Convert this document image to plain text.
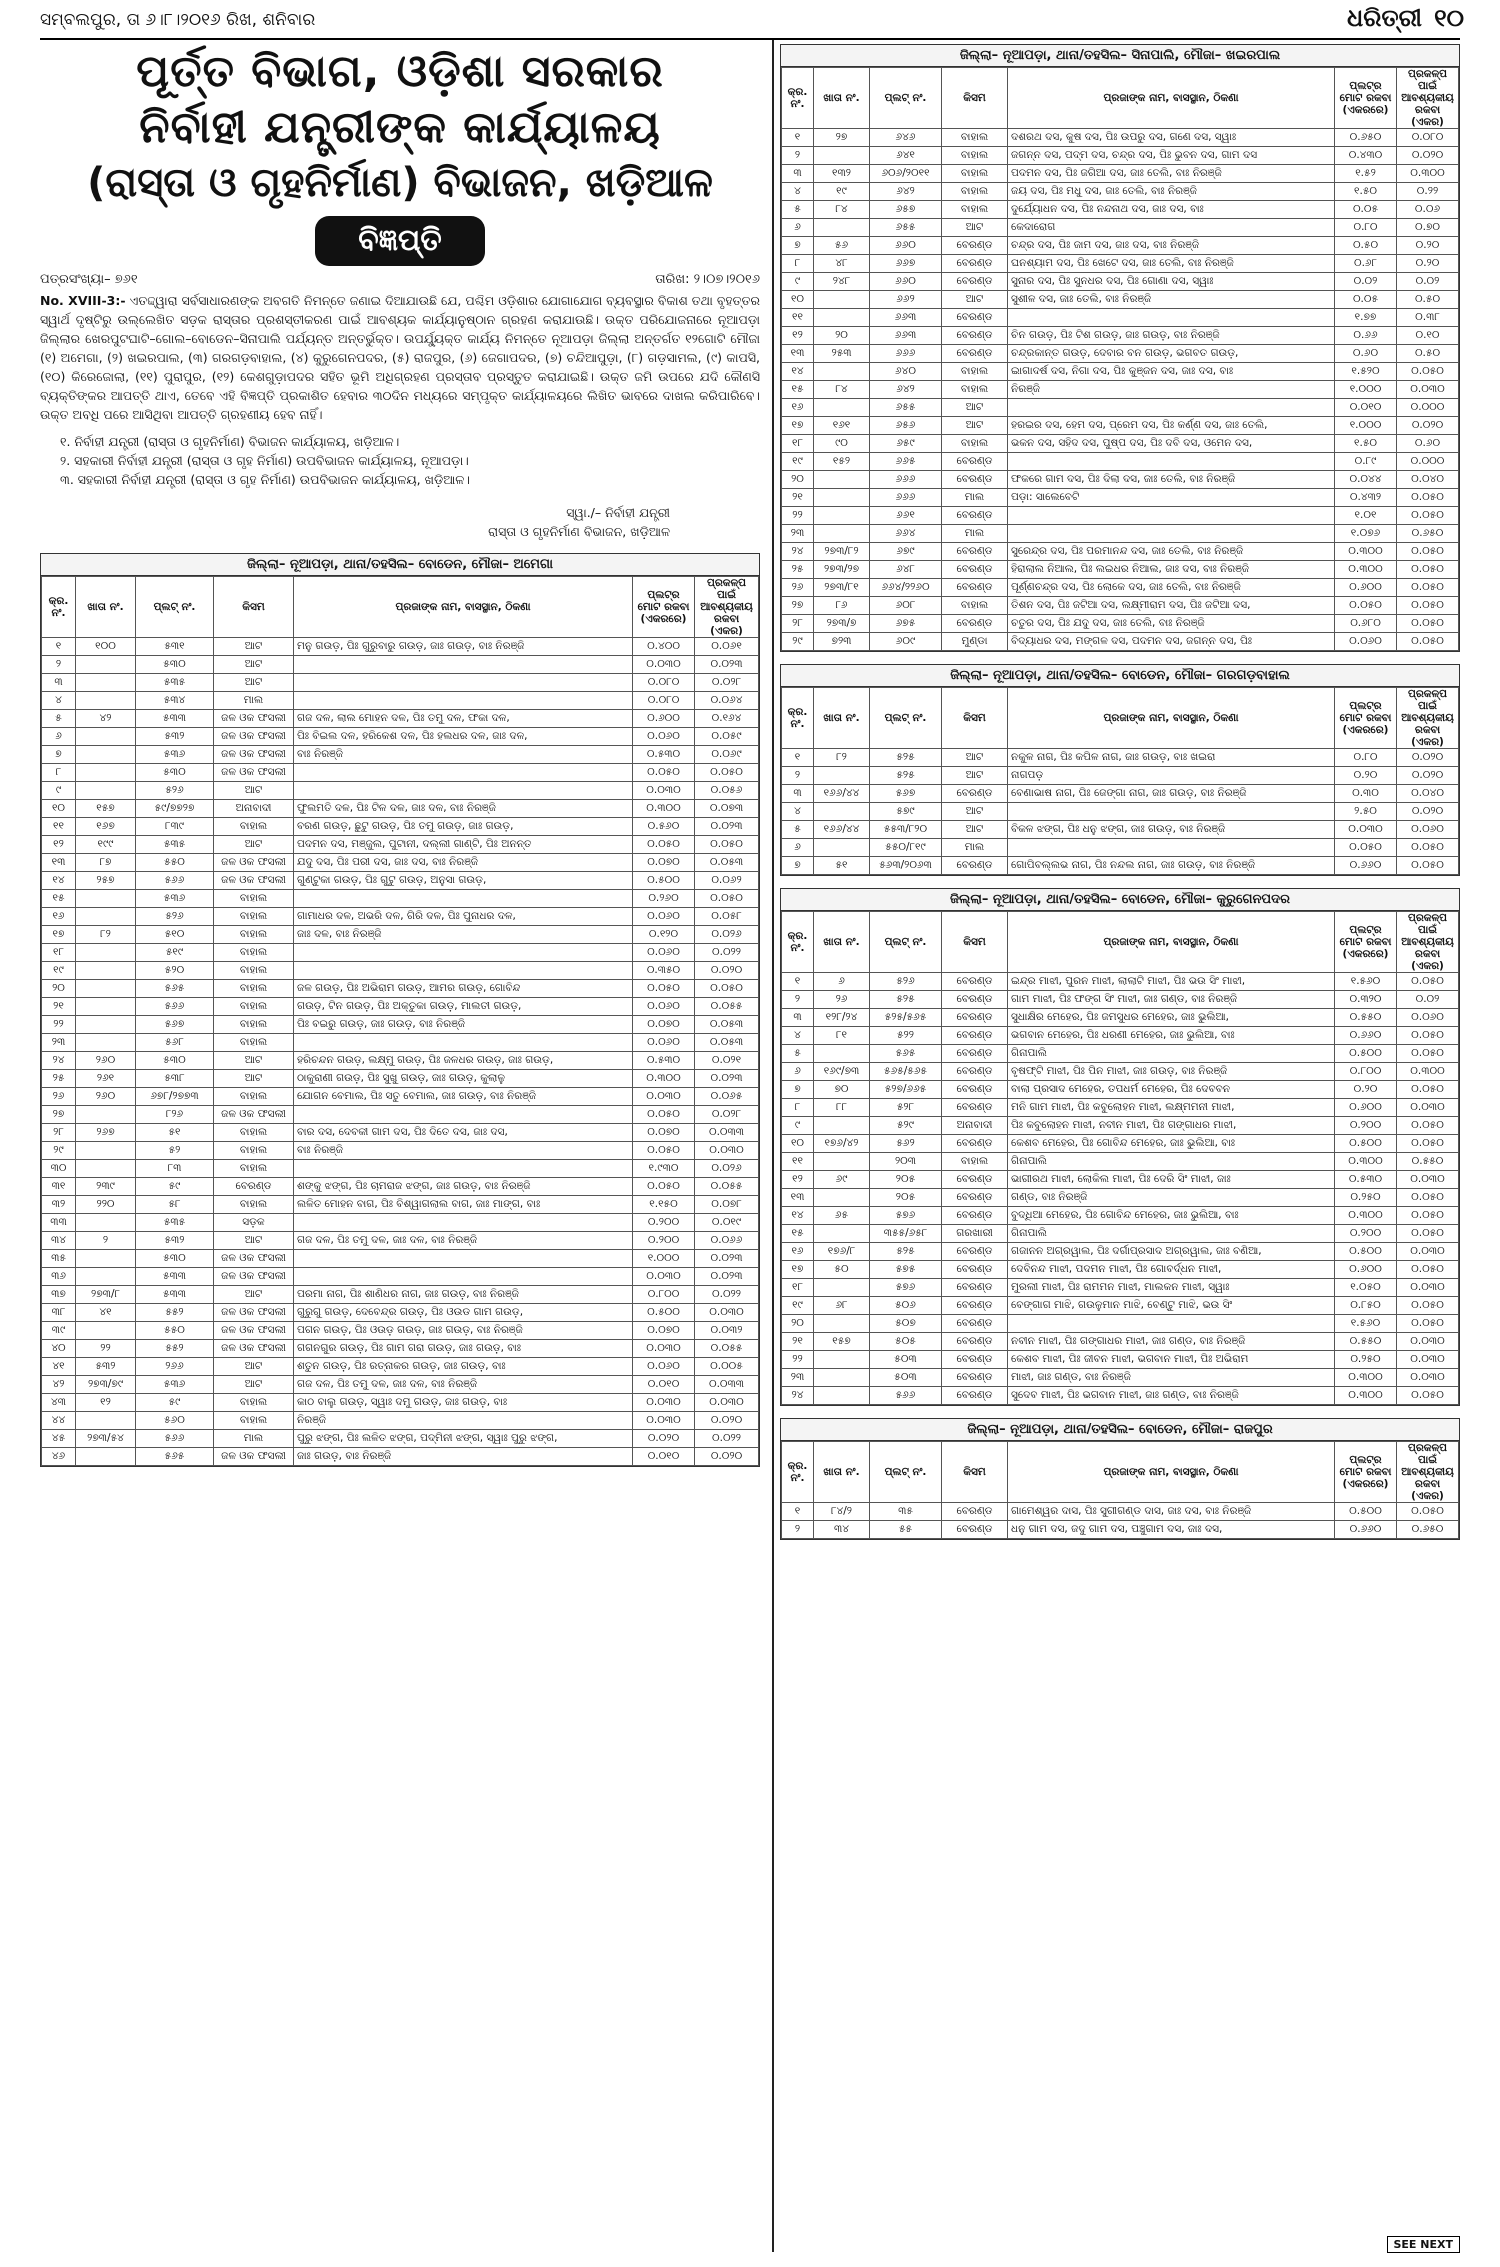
ସମ୍ବଲପୁର, ତା ୬।୮।୨୦୧୬ ରିଖ, ଶନିବାର	ଧରିତ୍ରୀ ୧୦
ପୂର୍ତ୍ତ ବିଭାଗ, ଓଡ଼ିଶା ସରକାର
ନିର୍ବାହୀ ଯନ୍ତ୍ରୀଙ୍କ କାର୍ଯ୍ୟାଳୟ
(ରାସ୍ତା ଓ ଗୃହନିର୍ମାଣ) ବିଭାଜନ, ଖଡ଼ିଆଳ
ବିଜ୍ଞପ୍ତି
ପତ୍ରସଂଖ୍ୟା– ୭୬୧	ତାରିଖ: ୨।୦୭।୨୦୧୬
No. XVIII-3:- ଏତଦ୍ଦ୍ୱାରା ସର୍ବସାଧାରଣଙ୍କ ଅବଗତି ନିମନ୍ତେ ଜଣାଇ ଦିଆଯାଉଛି ଯେ, ପଶ୍ଚିମ ଓଡ଼ିଶାର ଯୋଗାଯୋଗ ବ୍ୟବସ୍ଥାର ବିକାଶ ତଥା ବୃହତ୍ତର ସ୍ୱାର୍ଥ ଦୃଷ୍ଟିରୁ ଉଲ୍ଲେଖିତ ସଡ଼କ ରାସ୍ତାର ପ୍ରଶସ୍ତୀକରଣ ପାଇଁ ଆବଶ୍ୟକ କାର୍ଯ୍ୟାନୁଷ୍ଠାନ ଗ୍ରହଣ କରାଯାଉଛି। ଉକ୍ତ ପରିଯୋଜନାରେ ନୂଆପଡ଼ା ଜିଲ୍ଲାର ଖେରପୁଟଘାଟି–ଗୋଲ–ବୋଡେନ–ସିନାପାଲି ପର୍ଯ୍ୟନ୍ତ ଅନ୍ତର୍ଭୁକ୍ତ। ଉପର୍ଯ୍ୟୁକ୍ତ କାର୍ଯ୍ୟ ନିମନ୍ତେ ନୂଆପଡ଼ା ଜିଲ୍ଲା ଅନ୍ତର୍ଗତ ୧୨ଗୋଟି ମୌଜା (୧) ଅମେଗା, (୨) ଖଇରପାଲ, (୩) ଗରଗଡ଼ବାହାଲ, (୪) କୁରୁଗେନପଦର, (୫) ରାଜପୁର, (୬) ଜେଗାପଦର, (୭) ଚନ୍ଦିଆପୁଡ଼ା, (୮) ଗଡ଼ସାମଲ, (୯) କାପସି, (୧୦) କିରେଜୋଲା, (୧୧) ପୁରାପୁର, (୧୨) କେଶଗୁଡ଼ାପଦର ସହିତ ଭୂମି ଅଧିଗ୍ରହଣ ପ୍ରସ୍ତାବ ପ୍ରସ୍ତୁତ କରାଯାଇଛି। ଉକ୍ତ ଜମି ଉପରେ ଯଦି କୌଣସି ବ୍ୟକ୍ତିଙ୍କର ଆପତ୍ତି ଥାଏ, ତେବେ ଏହି ବିଜ୍ଞପ୍ତି ପ୍ରକାଶିତ ହେବାର ୩୦ଦିନ ମଧ୍ୟରେ ସମ୍ପୃକ୍ତ କାର୍ଯ୍ୟାଳୟରେ ଲିଖିତ ଭାବରେ ଦାଖଲ କରିପାରିବେ। ଉକ୍ତ ଅବଧି ପରେ ଆସିଥିବା ଆପତ୍ତି ଗ୍ରହଣୀୟ ହେବ ନାହିଁ।
୧. ନିର୍ବାହୀ ଯନ୍ତ୍ରୀ (ରାସ୍ତା ଓ ଗୃହନିର୍ମାଣ) ବିଭାଜନ କାର୍ଯ୍ୟାଳୟ, ଖଡ଼ିଆଳ।
୨. ସହକାରୀ ନିର୍ବାହୀ ଯନ୍ତ୍ରୀ (ରାସ୍ତା ଓ ଗୃହ ନିର୍ମାଣ) ଉପବିଭାଜନ କାର୍ଯ୍ୟାଳୟ, ନୂଆପଡ଼ା।
୩. ସହକାରୀ ନିର୍ବାହୀ ଯନ୍ତ୍ରୀ (ରାସ୍ତା ଓ ଗୃହ ନିର୍ମାଣ) ଉପବିଭାଜନ କାର୍ଯ୍ୟାଳୟ, ଖଡ଼ିଆଳ।
ସ୍ୱା./– ନିର୍ବାହୀ ଯନ୍ତ୍ରୀ
ରାସ୍ତା ଓ ଗୃହନିର୍ମାଣ ବିଭାଜନ, ଖଡ଼ିଆଳ
ଜିଲ୍ଲା– ନୂଆପଡ଼ା, ଥାନା/ତହସିଲ– ବୋଡେନ, ମୌଜା– ଅମେଗା
କ୍ର. ନଂ.	ଖାତା ନଂ.	ପ୍ଲଟ୍ ନଂ.	କିସମ	ପ୍ରଜାଙ୍କ ନାମ, ବାସସ୍ଥାନ, ଠିକଣା	ପ୍ଲଟ୍‌ର ମୋଟ ରକବା (ଏକରରେ)	ପ୍ରକଳ୍ପ ପାଇଁ ଆବଶ୍ୟକୀୟ ରକବା (ଏକର)
୧	୧୦୦	୫୩୧	ଆଟ	ମନୁ ଗଉଡ଼, ପିଃ ଗୁରୁବାରୁ ଗଉଡ଼, ଜାଃ ଗଉଡ଼, ବାଃ ନିରଞ୍ଜି	୦.୪୦୦	୦.୦୬୧
୨		୫୩୦	ଆଟ		୦.୦୩୦	୦.୦୨୩
୩		୫୩୫	ଆଟ		୦.୦୮୦	୦.୦୨୮
୪		୫୩୪	ମାଲ		୦.୦୮୦	୦.୦୬୪
୫	୪୨	୫୩୩	ଜଳ ଓକ ଫସଲୀ	ଗଜ ଦଳ, ଲାଲ ମୋହନ ଦଳ, ପିଃ ତମୁ ଦଳ, ଫକା ଦଳ,	୦.୬୦୦	୦.୧୬୪
୬		୫୩୨	ଜଳ ଓକ ଫସଲୀ	ପିଃ ବିଇଲ ଦଳ, ହରିକେଶ ଦଳ, ପିଃ ହଲଧର ଦଳ, ଜାଃ ଦଳ,	୦.୦୬୦	୦.୦୫୯
୭		୫୩୬	ଜଳ ଓକ ଫସଲୀ	ବାଃ ନିରଞ୍ଜି	୦.୫୩୦	୦.୦୬୯
୮		୫୩୦	ଜଳ ଓକ ଫସଲୀ		୦.୦୫୦	୦.୦୫୦
୯		୫୨୬	ଆଟ		୦.୦୩୦	୦.୦୫୬
୧୦	୧୫୭	୫୯/୭୭୨୭	ଅନାବାଦୀ	ଫୁଲମତି ଦଳ, ପିଃ ଟିଳ ଦଳ, ଜାଃ ଦଳ, ବାଃ ନିରଞ୍ଜି	୦.୩୦୦	୦.୦୭୩
୧୧	୧୬୭	୮୩୯	ବାହାଲ	ବରଣ ଗଉଡ଼, ଛୁଟୁ ଗଉଡ଼, ପିଃ ତମୁ ଗଉଡ଼, ଜାଃ ଗଉଡ଼,	୦.୫୬୦	୦.୦୨୩
୧୨	୧୯୯	୫୩୫	ଆଟ	ପଦମନ ଦସ, ମଞ୍ଜୁଲ, ପୁଟାନୀ, ଦଲ୍ଲୀ ଗାଣ୍ଟି, ପିଃ ଅନନ୍ତ	୦.୦୫୦	୦.୦୫୦
୧୩	୮୭	୫୫୦	ଜଳ ଓକ ଫସଲୀ	ଯଦୁ ଦସ, ପିଃ ପରୀ ଦସ, ଜାଃ ଦସ, ବାଃ ନିରଞ୍ଜି	୦.୦୭୦	୦.୦୫୩
୧୪	୨୫୭	୫୬୬	ଜଳ ଓକ ଫସଲୀ	ଗୁଣ୍ଟୁକା ଗଉଡ଼, ପିଃ ଗୁଟୁ ଗଉଡ଼, ଅନୁସା ଗଉଡ଼,	୦.୫୦୦	୦.୦୬୨
୧୫		୫୩୬	ବାହାଲ		୦.୨୬୦	୦.୦୫୦
୧୬		୫୨୬	ବାହାଲ	ଗାମାଧର ଦଳ, ଅଭରି ଦଳ, ଗିରି ଦଳ, ପିଃ ପୁନାଧର ଦଳ,	୦.୦୬୦	୦.୦୫୮
୧୭	୮୨	୫୧୦	ବାହାଲ	ଜାଃ ଦଳ, ବାଃ ନିରଞ୍ଜି	୦.୧୨୦	୦.୦୨୬
୧୮		୫୧୯	ବାହାଲ		୦.୦୬୦	୦.୦୨୨
୧୯		୫୨୦	ବାହାଲ		୦.୩୫୦	୦.୦୨୦
୨୦		୫୬୫	ବାହାଲ	ଜଳ ଗଉଡ଼, ପିଃ ଅଭିରାମ ଗଉଡ଼, ଆମର ଗଉଡ଼, ଗୋବିନ୍ଦ	୦.୦୫୦	୦.୦୫୦
୨୧		୫୬୬	ବାହାଲ	ଗଉଡ଼, ଟିନ ଗଉଡ଼, ପିଃ ଅକ୍ତୁକା ଗଉଡ଼, ମାଲତୀ ଗଉଡ଼,	୦.୦୬୦	୦.୦୫୫
୨୨		୫୬୭	ବାହାଲ	ପିଃ ବଇରୁ ଗଉଡ଼, ଜାଃ ଗଉଡ଼, ବାଃ ନିରଞ୍ଜି	୦.୦୭୦	୦.୦୫୩
୨୩		୫୬୮	ବାହାଲ		୦.୦୬୦	୦.୦୫୩
୨୪	୨୬୦	୫୩୦	ଆଟ	ହରିଚନ୍ଦନ ଗଉଡ଼, ଲକ୍ଷ୍ମୁ ଗଉଡ଼, ପିଃ ଜଳଧର ଗଉଡ଼, ଜାଃ ଗଉଡ଼,	୦.୫୩୦	୦.୦୨୧
୨୫	୨୬୧	୫୩୮	ଆଟ	ଠାକୁରାଣୀ ଗଉଡ଼, ପିଃ ସୁଖୁ ଗଉଡ଼, ଜାଃ ଗଉଡ଼, କୁଲାଳୁ	୦.୩୦୦	୦.୦୨୩
୨୬	୨୬୦	୬୭୮/୨୭୭୩	ବାହାଲ	ଯୋଗନ ବେମାଲ, ପିଃ ସତୁ ବେମାଲ, ଜାଃ ଗଉଡ଼, ବାଃ ନିରଞ୍ଜି	୦.୦୩୦	୦.୦୬୫
୨୭		୮୨୬	ଜଳ ଓକ ଫସଲୀ		୦.୦୫୦	୦.୦୨୮
୨୮	୨୬୭	୫୧	ବାହାଲ	ବାର ଦସ, ଦେବକୀ ଗାମ ଦସ, ପିଃ ଦିତେ ଦସ, ଜାଃ ଦସ,	୦.୦୭୦	୦.୦୩୩
୨୯		୫୨	ବାହାଲ	ବାଃ ନିରଞ୍ଜି	୦.୦୫୦	୦.୦୩୦
୩୦		୮୩	ବାହାଲ		୧.୯୩୦	୦.୦୨୬
୩୧	୨୩୯	୫୯	ବେରଣ୍ଡ	ଶଙ୍କୁ ଝଙ୍ଗ, ପିଃ ଚାମରାଜ ଝଙ୍ଗ, ଜାଃ ଗଉଡ଼, ବାଃ ନିରଞ୍ଜି	୦.୦୫୦	୦.୦୫୫
୩୨	୨୨୦	୫୮	ବାହାଲ	ଲଳିତ ମୋହନ ବାଗ, ପିଃ ବିଶ୍ୱାଗଲାଲ ବାଗ, ଜାଃ ମାଙ୍ଗ, ବାଃ	୧.୧୫୦	୦.୦୭୮
୩୩		୫୩୫	ସଡ଼କ		୦.୨୦୦	୦.୦୧୯
୩୪	୨	୫୩୨	ଆଟ	ଗଜ ଦଳ, ପିଃ ତମୁ ଦଳ, ଜାଃ ଦଳ, ବାଃ ନିରଞ୍ଜି	୦.୨୦୦	୦.୦୬୬
୩୫		୫୩୦	ଜଳ ଓକ ଫସଲୀ		୧.୦୦୦	୦.୦୨୩
୩୬		୫୩୩	ଜଳ ଓକ ଫସଲୀ		୦.୦୩୦	୦.୦୨୩
୩୭	୨୭୩/୮	୫୩୩	ଆଟ	ପରମା ନାଗ, ପିଃ ଶାଣିଧର ନାଗ, ଜାଃ ଗଉଡ଼, ବାଃ ନିରଞ୍ଜି	୦.୮୦୦	୦.୦୨୨
୩୮	୪୧	୫୫୨	ଜଳ ଓକ ଫସଲୀ	ଗୁରୁଗୁ ଗଉଡ଼, ଦେବେନ୍ଦ୍ର ଗଉଡ଼, ପିଃ ଓଉଡ ଗାମ ଗଉଡ଼,	୦.୫୦୦	୦.୦୩୦
୩୯		୫୫୦	ଜଳ ଓକ ଫସଲୀ	ପଗନ ଗଉଡ଼, ପିଃ ଓଉଡ଼ ଗଉଡ଼, ଜାଃ ଗଉଡ଼, ବାଃ ନିରଞ୍ଜି	୦.୦୭୦	୦.୦୩୨
୪୦	୨୨	୫୫୨	ଜଳ ଓକ ଫସଲୀ	ଗଗନଗୁର ଗଉଡ଼, ପିଃ ଗାମ ଗରା ଗଉଡ଼, ଜାଃ ଗଉଡ଼, ବାଃ	୦.୦୩୦	୦.୦୫୫
୪୧	୫୩୨	୨୬୬	ଆଟ	ଶତୁନ ଗଉଡ଼, ପିଃ ରତ୍ନାକର ଗଉଡ଼, ଜାଃ ଗଉଡ଼, ବାଃ	୦.୦୬୦	୦.୦୦୫
୪୨	୨୭୩/୭୯	୫୩୬	ଆଟ	ଗଜ ଦଳ, ପିଃ ତମୁ ଦଳ, ଜାଃ ଦଳ, ବାଃ ନିରଞ୍ଜି	୦.୦୧୦	୦.୦୩୩
୪୩	୧୨	୫୯	ବାହାଲ	କାଠ ବାଲୁ ଗଉଡ଼, ସ୍ୱାଃ ଦମୁ ଗଉଡ଼, ଜାଃ ଗଉଡ଼, ବାଃ	୦.୦୩୦	୦.୦୩୦
୪୪		୫୬୦	ବାହାଲ	ନିରଞ୍ଜି	୦.୦୩୦	୦.୦୨୦
୪୫	୨୭୩/୫୪	୫୬୬	ମାଲ	ପୁରୁ ଝଙ୍ଗ, ପିଃ ଲଳିତ ଝଙ୍ଗ, ପଦ୍ମିନୀ ଝଙ୍ଗ, ସ୍ୱାଃ ପୁରୁ ଝଙ୍ଗ,	୦.୦୨୦	୦.୦୨୨
୪୬		୫୬୫	ଜଳ ଓକ ଫସଲୀ	ଜାଃ ଗଉଡ଼, ବାଃ ନିରଞ୍ଜି	୦.୦୧୦	୦.୦୨୦
ଜିଲ୍ଲା– ନୂଆପଡ଼ା, ଥାନା/ତହସିଲ– ସିନାପାଲି, ମୌଜା– ଖଇରପାଲ
କ୍ର. ନଂ.	ଖାତା ନଂ.	ପ୍ଲଟ୍ ନଂ.	କିସମ	ପ୍ରଜାଙ୍କ ନାମ, ବାସସ୍ଥାନ, ଠିକଣା	ପ୍ଲଟ୍‌ର ମୋଟ ରକବା (ଏକରରେ)	ପ୍ରକଳ୍ପ ପାଇଁ ଆବଶ୍ୟକୀୟ ରକବା (ଏକର)
୧	୨୭	୬୪୬	ବାହାଲ	ଦଶରଥ ଦସ, କୁଷ ଦସ, ପିଃ ଉପରୁ ଦସ, ଗଣେ ଦସ, ସ୍ୱାଃ	୦.୬୫୦	୦.୦୮୦
୨		୬୪୧	ବାହାଲ	ଜଗନ୍ନ ଦସ, ପଦ୍ମ ଦସ, ଚନ୍ଦ୍ର ଦସ, ପିଃ ଭୁବନ ଦସ, ଗାମ ଦସ	୦.୪୩୦	୦.୦୨୦
୩	୧୩୨	୬୦୬/୨୦୧୧	ବାହାଲ	ପଦମନ ଦସ, ପିଃ ଜଗିଆ ଦସ, ଜାଃ ତେଲି, ବାଃ ନିରଞ୍ଜି	୧.୫୨	୦.୩୦୦
୪	୧୯	୬୪୨	ବାହାଲ	ଜୟ ଦସ, ପିଃ ମଧୁ ଦସ, ଜାଃ ତେଲି, ବାଃ ନିରଞ୍ଜି	୧.୫୦	୦.୨୨
୫	୮୪	୬୫୭	ବାହାଲ	ଦୁର୍ଯ୍ୟୋଧନ ଦସ, ପିଃ ନନ୍ଦନାଥ ଦସ, ଜାଃ ଦସ, ବାଃ	୦.୦୫	୦.୦୬
୬		୬୫୫	ଆଟ	କେଦାରୋଗ	୦.୮୦	୦.୭୦
୭	୫୬	୬୬୦	ବେରଣ୍ଡ	ଚନ୍ଦ୍ର ଦସ, ପିଃ ଜାମ ଦସ, ଜାଃ ଦସ, ବାଃ ନିରଞ୍ଜି	୦.୫୦	୦.୨୦
୮	୪୮	୬୬୭	ବେରଣ୍ଡ	ଘନଶ୍ୟାମ ଦସ, ପିଃ ଖେଟେ ଦସ, ଜାଃ ତେଲି, ବାଃ ନିରଞ୍ଜି	୦.୬୮	୦.୨୦
୯	୨୪୮	୬୬୦	ବେରଣ୍ଡ	ସୁନାର ଦସ, ପିଃ ସୁନଧର ଦସ, ପିଃ ଗୋଣା ଦସ, ସ୍ୱାଃ	୦.୦୨	୦.୦୨
୧୦		୬୬୨	ଆଟ	ସୁଶୀଳ ଦସ, ଜାଃ ତେଲି, ବାଃ ନିରଞ୍ଜି	୦.୦୫	୦.୫୦
୧୧		୬୬୩	ବେରଣ୍ଡ		୧.୭୭	୦.୩୮
୧୨	୨୦	୬୬୩	ବେରଣ୍ଡ	ଚିନ ଗଉଡ଼, ପିଃ ଟିଶ ଗଉଡ଼, ଜାଃ ଗଉଡ଼, ବାଃ ନିରଞ୍ଜି	୦.୬୬	୦.୧୦
୧୩	୨୫୩	୬୬୬	ବେରଣ୍ଡ	ଚନ୍ଦ୍ରକାନ୍ତ ଗଉଡ଼, ଦେବାର ବନ ଗଉଡ଼, ଭଗବତ ଗଉଡ଼,	୦.୬୦	୦.୫୦
୧୪		୬୪୦	ବାହାଲ	ଇାଗାଦର୍ଷ ଦସ, ନିଗା ଦସ, ପିଃ କୁଞ୍ଜନ ଦସ, ଜାଃ ଦସ, ବାଃ	୧.୫୨୦	୦.୦୫୦
୧୫	୮୪	୬୪୨	ବାହାଲ	ନିରଞ୍ଜି	୧.୦୦୦	୦.୦୩୦
୧୬		୬୫୫	ଆଟ		୦.୦୧୦	୦.୦୦୦
୧୭	୧୬୧	୬୫୬	ଆଟ	ହରଇର ଦସ, ହେମ ଦସ, ପ୍ରେମ ଦସ, ପିଃ କର୍ଣ୍ଣ ଦସ, ଜାଃ ତେଲି,	୧.୦୦୦	୦.୦୨୦
୧୮	୯୦	୬୫୯	ବାହାଲ	ଭକନ ଦସ, ସହିଦ ଦସ, ପୁଷ୍ପ ଦସ, ପିଃ ଦବି ଦସ, ଓମେନ ଦସ,	୧.୫୦	୦.୬୦
୧୯	୧୫୨	୬୬୫	ବେରଣ୍ଡ		୦.୮୯	୦.୦୦୦
୨୦		୬୬୬	ବେରଣ୍ଡ	ଫକରେ ଗାମ ଦସ, ପିଃ ଦିଲା ଦସ, ଜାଃ ତେଲି, ବାଃ ନିରଞ୍ଜି	୦.୦୪୪	୦.୦୪୦
୨୧		୬୬୬	ମାଲ	ପଡ଼ା: ସାଲେବେଟି	୦.୪୩୨	୦.୦୫୦
୨୨		୬୬୧	ବେରଣ୍ଡ		୧.୦୧	୦.୦୫୦
୨୩		୬୬୪	ମାଲ		୧.୦୭୬	୦.୬୫୦
୨୪	୨୭୩/୮୨	୬୭୯	ବେରଣ୍ଡ	ସୁରେନ୍ଦ୍ର ଦସ, ପିଃ ପରମାନନ୍ଦ ଦସ, ଜାଃ ତେଲି, ବାଃ ନିରଞ୍ଜି	୦.୩୦୦	୦.୦୫୦
୨୫	୨୭୩/୨୭	୬୪୮	ବେରଣ୍ଡ	ହିରାଲାଲ ନିଆଲ, ପିଃ ଲଇଧର ନିଆଲ, ଜାଃ ଦସ, ବାଃ ନିରଞ୍ଜି	୦.୩୦୦	୦.୦୫୦
୨୬	୨୭୩/୮୧	୬୬୪/୨୨୬୦	ବେରଣ୍ଡ	ପୂର୍ଣ୍ଣଚନ୍ଦ୍ର ଦସ, ପିଃ ଲୋକେ ଦସ, ଜାଃ ତେଲି, ବାଃ ନିରଞ୍ଜି	୦.୬୦୦	୦.୦୫୦
୨୭	୮୬	୬୦୮	ବାହାଲ	ତିଶନ ଦସ, ପିଃ ଜଟିଆ ଦସ, ଲକ୍ଷ୍ମୀରାମ ଦସ, ପିଃ ଜଟିଆ ଦସ,	୦.୦୫୦	୦.୦୫୦
୨୮	୨୭୩/୭	୬୭୫	ବେରଣ୍ଡ	ଚତୁର ଦସ, ପିଃ ଯଦୁ ଦସ, ଜାଃ ତେଲି, ବାଃ ନିରଞ୍ଜି	୦.୬୮୦	୦.୦୫୦
୨୯	୭୨୩	୬୦୯	ମୁଣ୍ଡା	ବିଦ୍ୟାଧର ଦସ, ମଙ୍ଗଳ ଦସ, ପଦମନ ଦସ, ଜଗନ୍ନ ଦସ, ପିଃ	୦.୦୬୦	୦.୦୫୦
ଜିଲ୍ଲା– ନୂଆପଡ଼ା, ଥାନା/ତହସିଲ– ବୋଡେନ, ମୌଜା– ଗରଗଡ଼ବାହାଲ
କ୍ର. ନଂ.	ଖାତା ନଂ.	ପ୍ଲଟ୍ ନଂ.	କିସମ	ପ୍ରଜାଙ୍କ ନାମ, ବାସସ୍ଥାନ, ଠିକଣା	ପ୍ଲଟ୍‌ର ମୋଟ ରକବା (ଏକରରେ)	ପ୍ରକଳ୍ପ ପାଇଁ ଆବଶ୍ୟକୀୟ ରକବା (ଏକର)
୧	୮୨	୫୨୫	ଆଟ	ନକୁଳ ନାଗ, ପିଃ କପିଳ ନାଗ, ଜାଃ ଗଉଡ଼, ବାଃ ଖଇରା	୦.୮୦	୦.୦୨୦
୨		୫୨୫	ଆଟ	ନାଗପଡ଼	୦.୨୦	୦.୦୨୦
୩	୧୬୬/୪୪	୫୬୭	ବେରଣ୍ଡ	ବେଣାଭାଷ ନାଗ, ପିଃ ଜେଙ୍ଗା ନାଗ, ଜାଃ ଗଉଡ଼, ବାଃ ନିରଞ୍ଜି	୦.୩୦	୦.୦୪୦
୪		୫୭୯	ଆଟ		୨.୫୦	୦.୦୨୦
୫	୧୬୬/୪୪	୫୫୩/୮୨୦	ଆଟ	ବିକଳ ଝଙ୍ଗ, ପିଃ ଧନୁ ଝଙ୍ଗ, ଜାଃ ଗଉଡ଼, ବାଃ ନିରଞ୍ଜି	୦.୦୩୦	୦.୦୬୦
୬		୫୫୦/୮୧୯	ମାଲ		୦.୦୫୦	୦.୦୫୦
୭	୫୧	୫୬୩/୨୦୬୩	ବେରଣ୍ଡ	ଗୋପିବଲ୍ଲଭ ନାଗ, ପିଃ ନନ୍ଦଲ ନାଗ, ଜାଃ ଗଉଡ଼, ବାଃ ନିରଞ୍ଜି	୦.୬୬୦	୦.୦୫୦
ଜିଲ୍ଲା– ନୂଆପଡ଼ା, ଥାନା/ତହସିଲ– ବୋଡେନ, ମୌଜା– କୁରୁଗେନପଦର
କ୍ର. ନଂ.	ଖାତା ନଂ.	ପ୍ଲଟ୍ ନଂ.	କିସମ	ପ୍ରଜାଙ୍କ ନାମ, ବାସସ୍ଥାନ, ଠିକଣା	ପ୍ଲଟ୍‌ର ମୋଟ ରକବା (ଏକରରେ)	ପ୍ରକଳ୍ପ ପାଇଁ ଆବଶ୍ୟକୀୟ ରକବା (ଏକର)
୧	୬	୫୨୬	ବେରଣ୍ଡ	ଇନ୍ଦ୍ର ମାଝୀ, ପୁରନ ମାଝୀ, ଲାଲାଟି ମାଝୀ, ପିଃ ଭଉ ସିଂ ମାଝୀ,	୧.୫୬୦	୦.୦୫୦
୨	୨୬	୫୨୫	ବେରଣ୍ଡ	ଗାମ ମାଝୀ, ପିଃ ଫଙ୍ଗ ସିଂ ମାଝୀ, ଜାଃ ଗଣ୍ଡ, ବାଃ ନିରଞ୍ଜି	୦.୩୨୦	୦.୦୨
୩	୧୨୮/୨୪	୫୨୫/୫୬୫	ବେରଣ୍ଡ	ସୁଧାକ୍ଷିର ମେହେର, ପିଃ ଜମସୁଧର ମେହେର, ଜାଃ ଭୁଲିଆ,	୦.୫୫୦	୦.୦୬୦
୪	୮୧	୫୨୨	ବେରଣ୍ଡ	ଭଗବାନ ମେହେର, ପିଃ ଧରଣୀ ମେହେର, ଜାଃ ଭୁଲିଆ, ବାଃ	୦.୬୬୦	୦.୦୫୦
୫		୫୬୫	ବେରଣ୍ଡ	ଗିନାପାଲି	୦.୫୦୦	୦.୦୫୦
୬	୧୬୯/୭୩	୫୬୫/୫୬୫	ବେରଣ୍ଡ	ବୃଷଫ୍ଟି ମାଝୀ, ପିଃ ପିନ ମାଝୀ, ଜାଃ ଗଉଡ଼, ବାଃ ନିରଞ୍ଜି	୦.୮୦୦	୦.୩୦୦
୭	୭୦	୫୨୭/୬୬୫	ବେରଣ୍ଡ	ବାଲା ପ୍ରସାଦ ମେହେର, ତପଧର୍ମ ମେହେର, ପିଃ ଦେବବନ	୦.୨୦	୦.୦୫୦
୮	୮୮	୫୨୮	ବେରଣ୍ଡ	ମନି ଗାମ ମାଝୀ, ପିଃ କବୁଲୋହନ ମାଝୀ, ଲକ୍ଷ୍ମମନୀ ମାଝୀ,	୦.୬୦୦	୦.୦୩୦
୯		୫୨୯	ଅନାବାଦୀ	ପିଃ କବୁଲୋହନ ମାଝୀ, ନବୀନ ମାଝୀ, ପିଃ ଗଙ୍ଗାଧର ମାଝୀ,	୦.୨୦୦	୦.୦୫୦
୧୦	୧୭୬/୪୨	୫୬୨	ବେରଣ୍ଡ	କେଶବ ମେହେର, ପିଃ ଗୋବିନ୍ଦ ମେହେର, ଜାଃ ଭୁଲିଆ, ବାଃ	୦.୫୦୦	୦.୦୫୦
୧୧		୨୦୩	ବାହାଲ	ଗିନାପାଲି	୦.୩୦୦	୦.୫୫୦
୧୨	୬୯	୨୦୫	ବେରଣ୍ଡ	ଭାଗୀରଥ ମାଝୀ, ଲୋକିଲ ମାଝୀ, ପିଃ ଦେରି ସିଂ ମାଝୀ, ଜାଃ	୦.୫୩୦	୦.୦୩୦
୧୩		୨୦୫	ବେରଣ୍ଡ	ଗଣ୍ଡ, ବାଃ ନିରଞ୍ଜି	୦.୨୫୦	୦.୦୫୦
୧୪	୬୫	୫୭୬	ବେରଣ୍ଡ	ବୁଦ୍ଧିଆ ମେହେର, ପିଃ ଗୋବିନ୍ଦ ମେହେର, ଜାଃ ଭୁଲିଆ, ବାଃ	୦.୩୦୦	୦.୦୫୦
୧୫		୩୫୫/୬୫୮	ଗରଖାରୀ	ଗିନାପାଲି	୦.୨୦୦	୦.୦୫୦
୧୬	୧୭୬/୮	୫୨୫	ବେରଣ୍ଡ	ଗଜାନନ ଅଗ୍ରୱାଲ, ପିଃ ଦର୍ଗାପ୍ରସାଦ ଅଗ୍ରୱାଲ, ଜାଃ ବଣିଆ,	୦.୫୦୦	୦.୦୩୦
୧୭	୫୦	୫୭୫	ବେରଣ୍ଡ	ଦେବିନନ୍ଦ ମାଝୀ, ପଦମନ ମାଝୀ, ପିଃ ଗୋବର୍ଦ୍ଧନ ମାଝୀ,	୦.୬୦୦	୦.୦୫୦
୧୮		୫୭୬	ବେରଣ୍ଡ	ମୁରଲୀ ମାଝୀ, ପିଃ ରାମମନ ମାଝୀ, ମାଲକନ ମାଝୀ, ସ୍ୱାଃ	୧.୦୫୦	୦.୦୩୦
୧୯	୬୮	୫୦୬	ବେରଣ୍ଡ	ବେଙ୍ଗାଗ ମାଝି, ଗଉଳୁମାନ ମାଝି, ବେଣ୍ଟୁ ମାଝି, ଭଉ ସିଂ	୦.୮୫୦	୦.୦୫୦
୨୦		୫୦୭	ବେରଣ୍ଡ		୧.୫୬୦	୦.୦୫୦
୨୧	୧୫୭	୫୦୫	ବେରଣ୍ଡ	ନବୀନ ମାଝୀ, ପିଃ ଗଙ୍ଗାଧର ମାଝୀ, ଜାଃ ଗଣ୍ଡ, ବାଃ ନିରଞ୍ଜି	୦.୫୫୦	୦.୦୩୦
୨୨		୫୦୩	ବେରଣ୍ଡ	କେଶବ ମାଝୀ, ପିଃ ଜୀବନ ମାଝୀ, ଭଗବାନ ମାଝୀ, ପିଃ ଅଭିରାମ	୦.୨୫୦	୦.୦୩୦
୨୩		୫୦୩	ବେରଣ୍ଡ	ମାଝୀ, ଜାଃ ଗଣ୍ଡ, ବାଃ ନିରଞ୍ଜି	୦.୩୦୦	୦.୦୩୦
୨୪		୫୬୬	ବେରଣ୍ଡ	ସୁଦେବ ମାଝୀ, ପିଃ ଭଗବାନ ମାଝୀ, ଜାଃ ଗଣ୍ଡ, ବାଃ ନିରଞ୍ଜି	୦.୩୦୦	୦.୦୫୦
ଜିଲ୍ଲା– ନୂଆପଡ଼ା, ଥାନା/ତହସିଲ– ବୋଡେନ, ମୌଜା– ରାଜପୁର
କ୍ର. ନଂ.	ଖାତା ନଂ.	ପ୍ଲଟ୍ ନଂ.	କିସମ	ପ୍ରଜାଙ୍କ ନାମ, ବାସସ୍ଥାନ, ଠିକଣା	ପ୍ଲଟ୍‌ର ମୋଟ ରକବା (ଏକରରେ)	ପ୍ରକଳ୍ପ ପାଇଁ ଆବଶ୍ୟକୀୟ ରକବା (ଏକର)
୧	୮୪/୨	୩୫	ବେରଣ୍ଡ	ଗାମେଶ୍ୱର ଦାସ, ପିଃ ସୁଗୀଗଣ୍ଡ ଦାସ, ଜାଃ ଦସ, ବାଃ ନିରଞ୍ଜି	୦.୫୦୦	୦.୦୫୦
୨	୩୪	୫୫	ବେରଣ୍ଡ	ଧନୁ ଗାମ ଦସ, ଜଦୁ ଗାମ ଦସ, ପଞ୍ଚୁଗାମ ଦସ, ଜାଃ ଦସ,	୦.୬୬୦	୦.୬୫୦
SEE NEXT
